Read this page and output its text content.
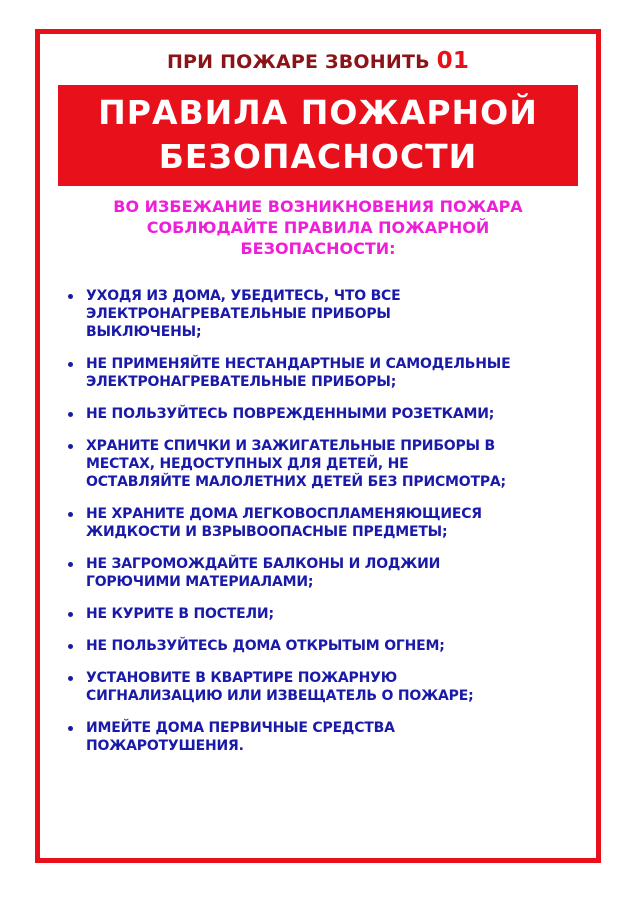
ПРИ ПОЖАРЕ ЗВОНИТЬ 01
ПРАВИЛА ПОЖАРНОЙ
БЕЗОПАСНОСТИ
ВО ИЗБЕЖАНИЕ ВОЗНИКНОВЕНИЯ ПОЖАРА
СОБЛЮДАЙТЕ ПРАВИЛА ПОЖАРНОЙ
БЕЗОПАСНОСТИ:
УХОДЯ ИЗ ДОМА, УБЕДИТЕСЬ, ЧТО ВСЕ
ЭЛЕКТРОНАГРЕВАТЕЛЬНЫЕ ПРИБОРЫ
ВЫКЛЮЧЕНЫ;
НЕ ПРИМЕНЯЙТЕ НЕСТАНДАРТНЫЕ И САМОДЕЛЬНЫЕ
ЭЛЕКТРОНАГРЕВАТЕЛЬНЫЕ ПРИБОРЫ;
НЕ ПОЛЬЗУЙТЕСЬ ПОВРЕЖДЕННЫМИ РОЗЕТКАМИ;
ХРАНИТЕ СПИЧКИ И ЗАЖИГАТЕЛЬНЫЕ ПРИБОРЫ В
МЕСТАХ, НЕДОСТУПНЫХ ДЛЯ ДЕТЕЙ, НЕ
ОСТАВЛЯЙТЕ МАЛОЛЕТНИХ ДЕТЕЙ БЕЗ ПРИСМОТРА;
НЕ ХРАНИТЕ ДОМА ЛЕГКОВОСПЛАМЕНЯЮЩИЕСЯ
ЖИДКОСТИ И ВЗРЫВООПАСНЫЕ ПРЕДМЕТЫ;
НЕ ЗАГРОМОЖДАЙТЕ БАЛКОНЫ И ЛОДЖИИ
ГОРЮЧИМИ МАТЕРИАЛАМИ;
НЕ КУРИТЕ В ПОСТЕЛИ;
НЕ ПОЛЬЗУЙТЕСЬ ДОМА ОТКРЫТЫМ ОГНЕМ;
УСТАНОВИТЕ В КВАРТИРЕ ПОЖАРНУЮ
СИГНАЛИЗАЦИЮ ИЛИ ИЗВЕЩАТЕЛЬ О ПОЖАРЕ;
ИМЕЙТЕ ДОМА ПЕРВИЧНЫЕ СРЕДСТВА
ПОЖАРОТУШЕНИЯ.
